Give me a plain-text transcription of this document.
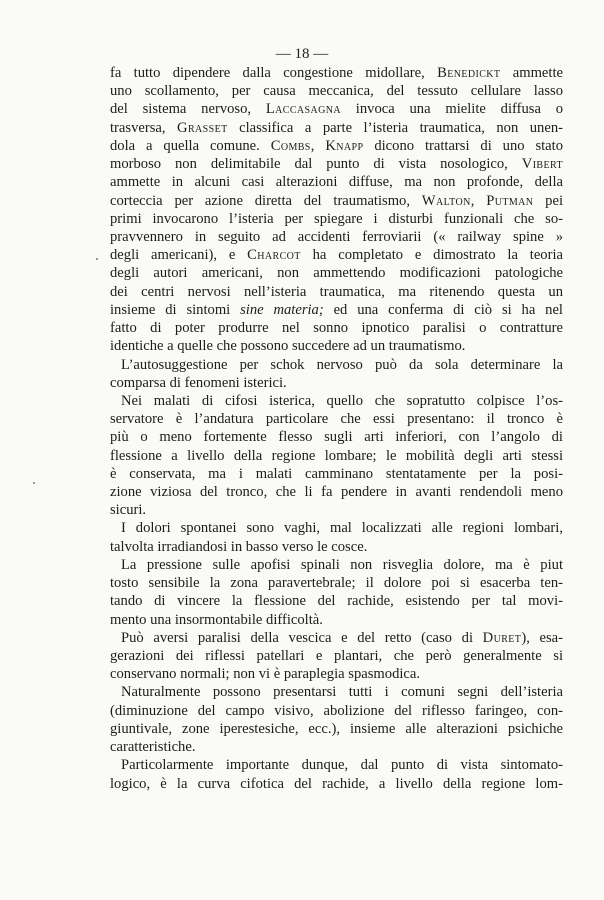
— 18 —
fa tutto dipendere dalla congestione midollare, Benedickt ammette
uno scollamento, per causa meccanica, del tessuto cellulare lasso
del sistema nervoso, Laccasagna invoca una mielite diffusa o
trasversa, Grasset classifica a parte l’isteria traumatica, non unen-
dola a quella comune. Combs, Knapp dicono trattarsi di uno stato
morboso non delimitabile dal punto di vista nosologico, Vibert
ammette in alcuni casi alterazioni diffuse, ma non profonde, della
corteccia per azione diretta del traumatismo, Walton, Putman pei
primi invocarono l’isteria per spiegare i disturbi funzionali che so-
pravvennero in seguito ad accidenti ferroviarii (« railway spine »
degli americani), e Charcot ha completato e dimostrato la teoria
degli autori americani, non ammettendo modificazioni patologiche
dei centri nervosi nell’isteria traumatica, ma ritenendo questa un
insieme di sintomi sine materia; ed una conferma di ciò si ha nel
fatto di poter produrre nel sonno ipnotico paralisi o contratture
identiche a quelle che possono succedere ad un traumatismo.
L’autosuggestione per schok nervoso può da sola determinare la
comparsa di fenomeni isterici.
Nei malati di cifosi isterica, quello che sopratutto colpisce l’os-
servatore è l’andatura particolare che essi presentano: il tronco è
più o meno fortemente flesso sugli arti inferiori, con l’angolo di
flessione a livello della regione lombare; le mobilità degli arti stessi
è conservata, ma i malati camminano stentatamente per la posi-
zione viziosa del tronco, che li fa pendere in avanti rendendoli meno
sicuri.
I dolori spontanei sono vaghi, mal localizzati alle regioni lombari,
talvolta irradiandosi in basso verso le cosce.
La pressione sulle apofisi spinali non risveglia dolore, ma è piut
tosto sensibile la zona paravertebrale; il dolore poi si esacerba ten-
tando di vincere la flessione del rachide, esistendo per tal movi-
mento una insormontabile difficoltà.
Può aversi paralisi della vescica e del retto (caso di Duret), esa-
gerazioni dei riflessi patellari e plantari, che però generalmente si
conservano normali; non vi è paraplegia spasmodica.
Naturalmente possono presentarsi tutti i comuni segni dell’isteria
(diminuzione del campo visivo, abolizione del riflesso faringeo, con-
giuntivale, zone iperestesiche, ecc.), insieme alle alterazioni psichiche
caratteristiche.
Particolarmente importante dunque, dal punto di vista sintomato-
logico, è la curva cifotica del rachide, a livello della regione lom-
